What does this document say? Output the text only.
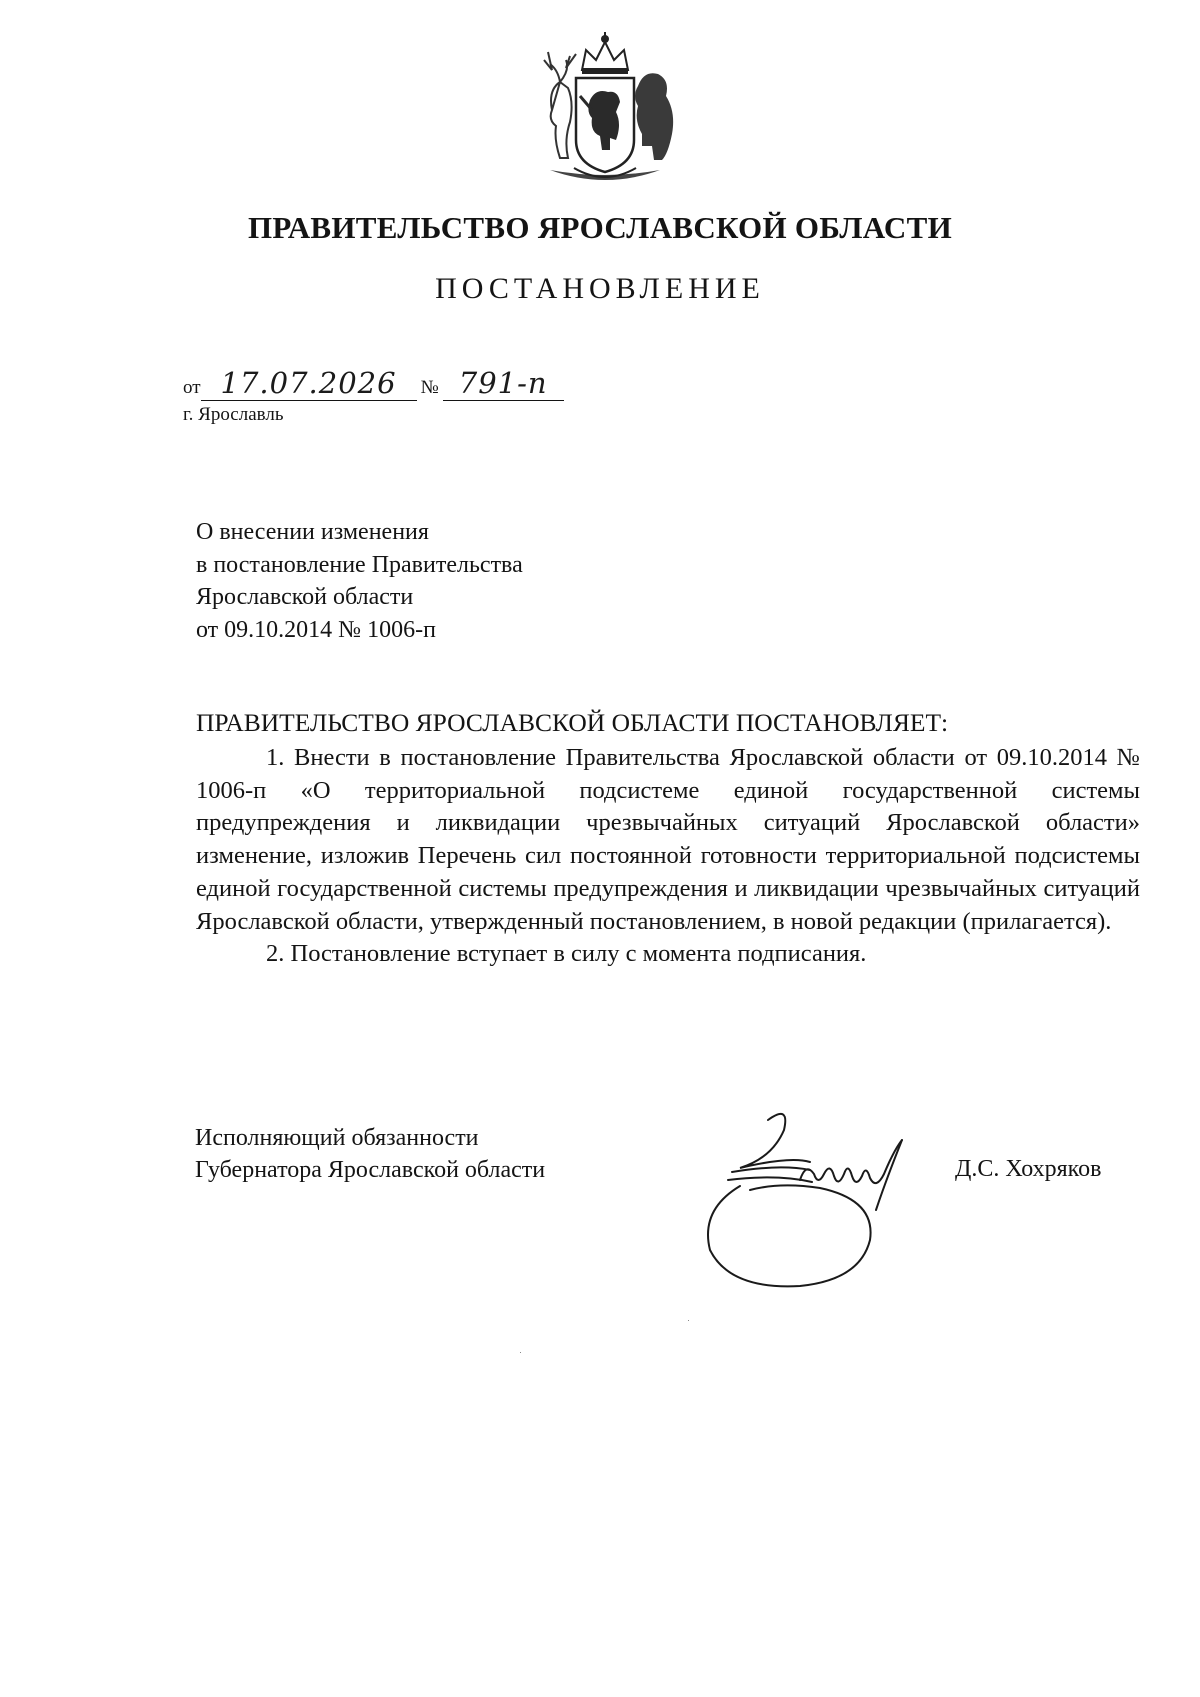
ПРАВИТЕЛЬСТВО ЯРОСЛАВСКОЙ ОБЛАСТИ
ПОСТАНОВЛЕНИЕ
от 17.07.2026 № 791-п
г. Ярославль
О внесении изменения
в постановление Правительства
Ярославской области
от 09.10.2014 № 1006-п
ПРАВИТЕЛЬСТВО ЯРОСЛАВСКОЙ ОБЛАСТИ ПОСТАНОВЛЯЕТ:

1. Внести в постановление Правительства Ярославской области от 09.10.2014 № 1006-п «О территориальной подсистеме единой государственной системы предупреждения и ликвидации чрезвычайных ситуаций Ярославской области» изменение, изложив Перечень сил постоянной готовности территориальной подсистемы единой государственной системы предупреждения и ликвидации чрезвычайных ситуаций Ярославской области, утвержденный постановлением, в новой редакции (прилагается).

2. Постановление вступает в силу с момента подписания.

Исполняющий обязанности
Губернатора Ярославской области	Д.С. Хохряков
